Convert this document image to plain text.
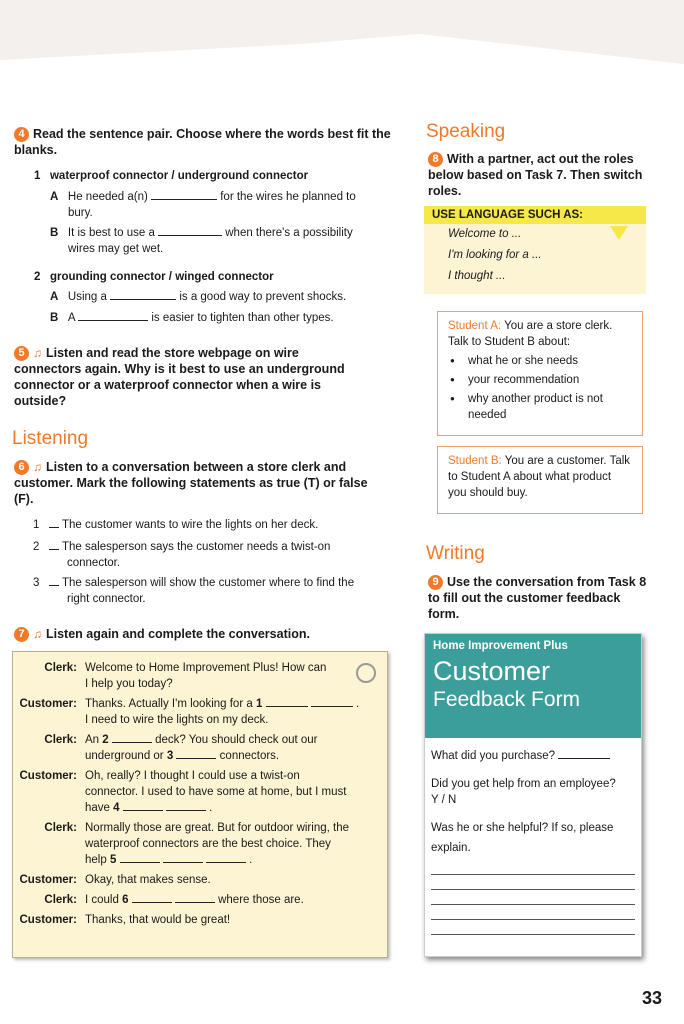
4 Read the sentence pair. Choose where the words best fit the blanks.
1   waterproof connector / underground connector
A He needed a(n)	for the wires he planned to
bury.
B It is best to use a	when there's a possibility
wires may get wet.
2   grounding connector / winged connector
A Using a	is a good way to prevent shocks.
B A	is easier to tighten than other types.
5 ♫ Listen and read the store webpage on wire connectors again. Why is it best to use an underground connector or a waterproof connector when a wire is outside?
Listening
6 ♫ Listen to a conversation between a store clerk and customer. Mark the following statements as true (T) or false (F).
1    The customer wants to wire the lights on her deck.
2    The salesperson says the customer needs a twist-on
connector.
3    The salesperson will show the customer where to find the
right connector.
7 ♫ Listen again and complete the conversation.
Clerk: Welcome to Home Improvement Plus! How can
I help you today?
Customer: Thanks. Actually I'm looking for a 1	.
I need to wire the lights on my deck.
Clerk: An 2	deck? You should check out our
underground or 3	connectors.
Customer: Oh, really? I thought I could use a twist-on
connector. I used to have some at home, but I must
have 4	.
Clerk: Normally those are great. But for outdoor wiring, the
waterproof connectors are the best choice. They
help 5	.
Customer: Okay, that makes sense.
Clerk: I could 6	where those are.
Customer: Thanks, that would be great!
Speaking
8 With a partner, act out the roles below based on Task 7. Then switch roles.
USE LANGUAGE SUCH AS:
Welcome to ...
I'm looking for a ...
I thought ...
Student A: You are a store clerk. Talk to Student B about:
● what he or she needs
● your recommendation
● why another product is not needed
Student B: You are a customer. Talk to Student A about what product you should buy.
Writing
9 Use the conversation from Task 8 to fill out the customer feedback form.
Home Improvement Plus
Customer
Feedback Form
What did you purchase?
Did you get help from an employee?
Y / N
Was he or she helpful? If so, please
explain.
33
